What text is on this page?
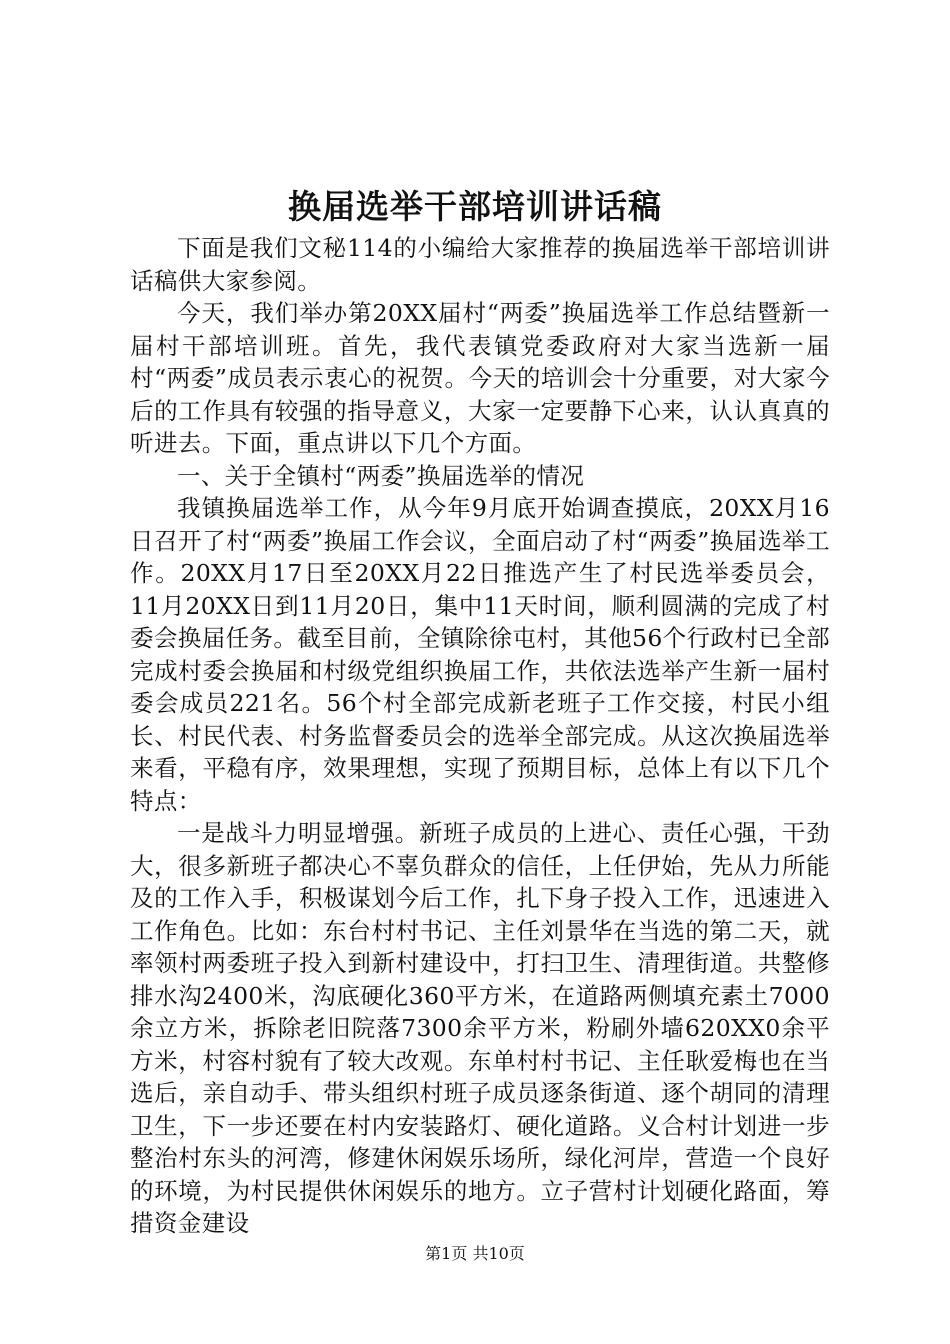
换届选举干部培训讲话稿

下面是我们文秘114的小编给大家推荐的换届选举干部培训讲话稿供大家参阅。

今天，我们举办第20XX届村“两委”换届选举工作总结暨新一届村干部培训班。首先，我代表镇党委政府对大家当选新一届村“两委”成员表示衷心的祝贺。今天的培训会十分重要，对大家今后的工作具有较强的指导意义，大家一定要静下心来，认认真真的听进去。下面，重点讲以下几个方面。

一、关于全镇村“两委”换届选举的情况

我镇换届选举工作，从今年9月底开始调查摸底，20XX月16日召开了村“两委”换届工作会议，全面启动了村“两委”换届选举工作。20XX月17日至20XX月22日推选产生了村民选举委员会，11月20XX日到11月20日，集中11天时间，顺利圆满的完成了村委会换届任务。截至目前，全镇除徐屯村，其他56个行政村已全部完成村委会换届和村级党组织换届工作，共依法选举产生新一届村委会成员221名。56个村全部完成新老班子工作交接，村民小组长、村民代表、村务监督委员会的选举全部完成。从这次换届选举来看，平稳有序，效果理想，实现了预期目标，总体上有以下几个特点：

一是战斗力明显增强。新班子成员的上进心、责任心强，干劲大，很多新班子都决心不辜负群众的信任，上任伊始，先从力所能及的工作入手，积极谋划今后工作，扎下身子投入工作，迅速进入工作角色。比如：东台村村书记、主任刘景华在当选的第二天，就率领村两委班子投入到新村建设中，打扫卫生、清理街道。共整修排水沟2400米，沟底硬化360平方米，在道路两侧填充素土7000余立方米，拆除老旧院落7300余平方米，粉刷外墙620XX0余平方米，村容村貌有了较大改观。东单村村书记、主任耿爱梅也在当选后，亲自动手、带头组织村班子成员逐条街道、逐个胡同的清理卫生，下一步还要在村内安装路灯、硬化道路。义合村计划进一步整治村东头的河湾，修建休闲娱乐场所，绿化河岸，营造一个良好的环境，为村民提供休闲娱乐的地方。立子营村计划硬化路面，筹措资金建设

第1页 共10页
